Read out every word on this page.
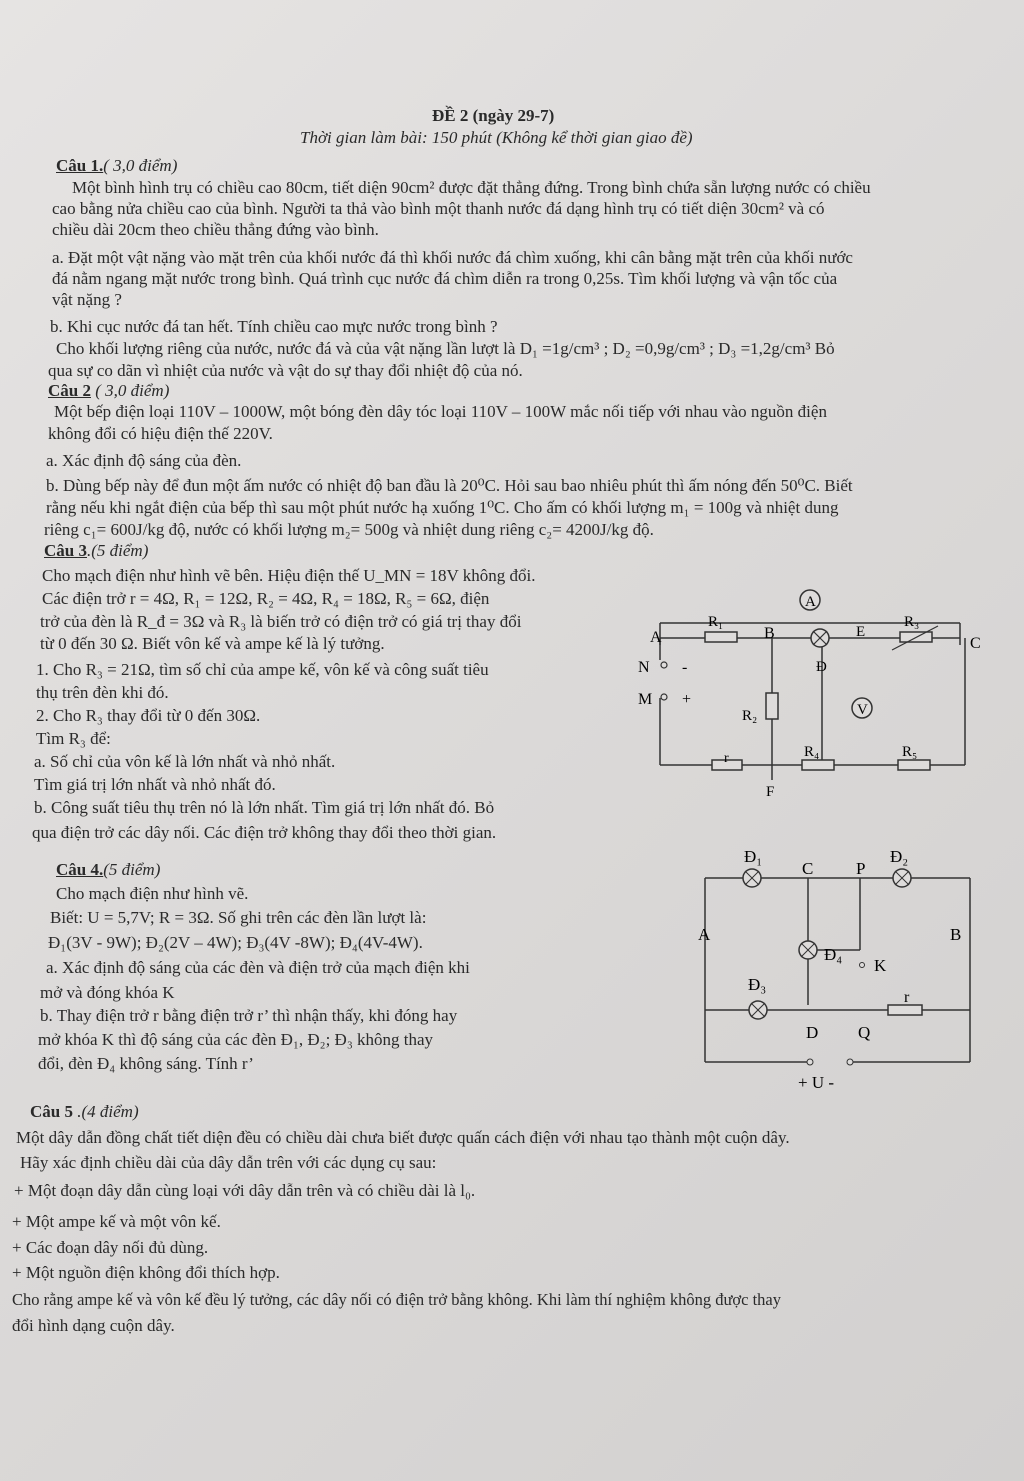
ĐỀ 2 (ngày 29-7)
Thời gian làm bài: 150 phút (Không kể thời gian giao đề)
Câu 1.( 3,0 điểm)
Một bình hình trụ có chiều cao 80cm, tiết diện 90cm² được đặt thẳng đứng. Trong bình chứa sẵn lượng nước có chiều
cao bằng nửa chiều cao của bình. Người ta thả vào bình một thanh nước đá dạng hình trụ có tiết diện 30cm² và có
chiều dài 20cm theo chiều thẳng đứng vào bình.
a. Đặt một vật nặng vào mặt trên của khối nước đá thì khối nước đá chìm xuống, khi cân bằng mặt trên của khối nước
đá nằm ngang mặt nước trong bình. Quá trình cục nước đá chìm diễn ra trong 0,25s. Tìm khối lượng và vận tốc của
vật nặng ?
b. Khi cục nước đá tan hết. Tính chiều cao mực nước trong bình ?
Cho khối lượng riêng của nước, nước đá và của vật nặng lần lượt là D₁ =1g/cm³ ; D₂ =0,9g/cm³ ; D₃ =1,2g/cm³ Bỏ
qua sự co dãn vì nhiệt của nước và vật do sự thay đổi nhiệt độ của nó.
Câu 2 ( 3,0 điểm)
Một bếp điện loại 110V – 1000W, một bóng đèn dây tóc loại 110V – 100W mắc nối tiếp với nhau vào nguồn điện
không đổi có hiệu điện thế 220V.
a. Xác định độ sáng của đèn.
b. Dùng bếp này để đun một ấm nước có nhiệt độ ban đầu là 20⁰C. Hỏi sau bao nhiêu phút thì ấm nóng đến 50⁰C. Biết
rằng nếu khi ngắt điện của bếp thì sau một phút nước hạ xuống 1⁰C. Cho ấm có khối lượng m₁ = 100g và nhiệt dung
riêng c₁= 600J/kg độ, nước có khối lượng m₂= 500g và nhiệt dung riêng c₂= 4200J/kg độ.
Câu 3.(5 điểm)
Cho mạch điện như hình vẽ bên. Hiệu điện thế U_MN = 18V không đổi.
Các điện trở r = 4Ω, R₁ = 12Ω, R₂ = 4Ω, R₄ = 18Ω, R₅ = 6Ω, điện
trở của đèn là R_đ = 3Ω và R₃ là biến trở có điện trở có giá trị thay đổi
từ 0 đến 30 Ω. Biết vôn kế và ampe kế là lý tưởng.
1. Cho R₃ = 21Ω, tìm số chỉ của ampe kế, vôn kế và công suất tiêu
thụ trên đèn khi đó.
2. Cho R₃ thay đổi từ 0 đến 30Ω.
Tìm R₃ để:
a. Số chỉ của vôn kế là lớn nhất và nhỏ nhất.
Tìm giá trị lớn nhất và nhỏ nhất đó.
b. Công suất tiêu thụ trên nó là lớn nhất. Tìm giá trị lớn nhất đó. Bỏ
qua điện trở các dây nối. Các điện trở không thay đổi theo thời gian.
A
V
A
R₁
B	E
R₃
C
N -	Đ
M +
R₂
r	R₄	R₅
F
Câu 4.(5 điểm)
Cho mạch điện như hình vẽ.
Biết: U = 5,7V; R = 3Ω. Số ghi trên các đèn lần lượt là:
Đ₁(3V - 9W); Đ₂(2V – 4W); Đ₃(4V -8W); Đ₄(4V-4W).
a. Xác định độ sáng của các đèn và điện trở của mạch điện khi
mở và đóng khóa K
b. Thay điện trở r bằng điện trở r’ thì nhận thấy, khi đóng hay
mở khóa K thì độ sáng của các đèn Đ₁, Đ₂; Đ₃ không thay
đổi, đèn Đ₄ không sáng. Tính r’
Đ₁
C	P
Đ₂
A	B
Đ₄
K
Đ₃
r
D Q
+ U -
Câu 5 .(4 điểm)
Một dây dẫn đồng chất tiết diện đều có chiều dài chưa biết được quấn cách điện với nhau tạo thành một cuộn dây.
Hãy xác định chiều dài của dây dẫn trên với các dụng cụ sau:
+ Một đoạn dây dẫn cùng loại với dây dẫn trên và có chiều dài là l₀.
+ Một ampe kế và một vôn kế.
+ Các đoạn dây nối đủ dùng.
+ Một nguồn điện không đổi thích hợp.
Cho rằng ampe kế và vôn kế đều lý tưởng, các dây nối có điện trở bằng không. Khi làm thí nghiệm không được thay
đổi hình dạng cuộn dây.
